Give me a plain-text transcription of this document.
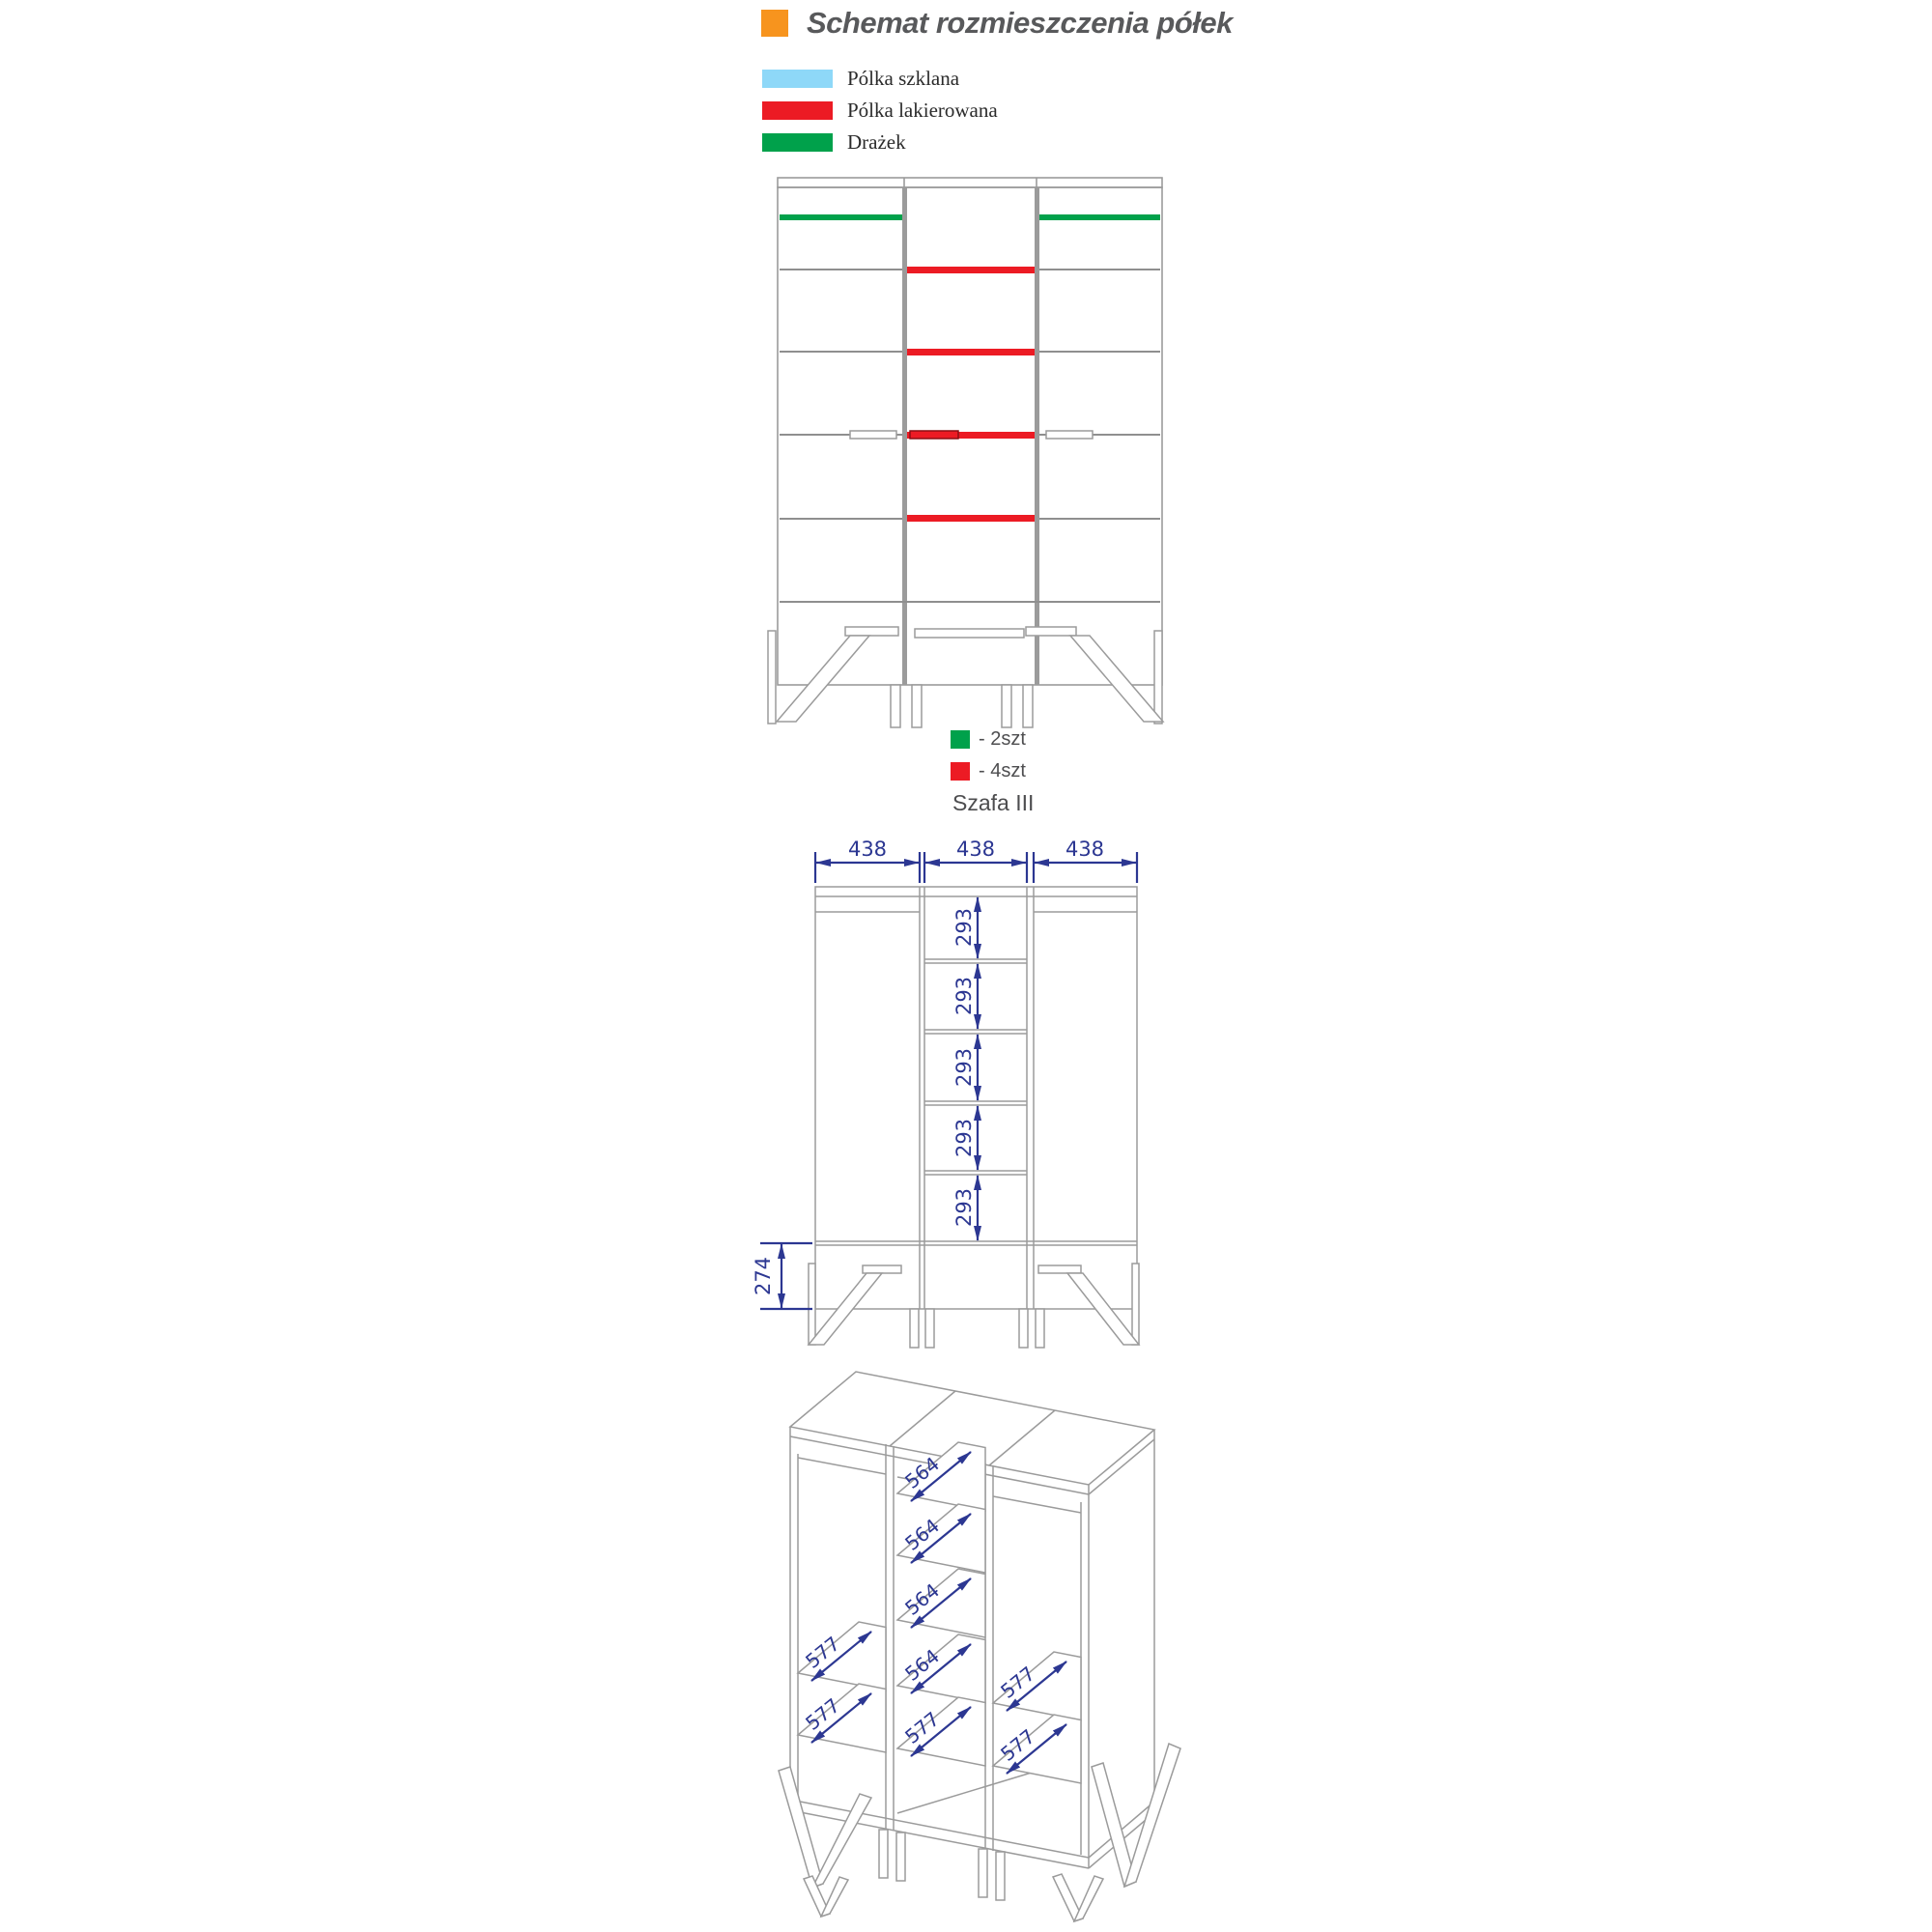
Schemat rozmieszczenia półek
Pólka szklana
Pólka lakierowana
Drażek
- 2szt
- 4szt
Szafa III
438	438	438
293
293
293
293
293
274
564
564
564
564
577
577
577
577
577
